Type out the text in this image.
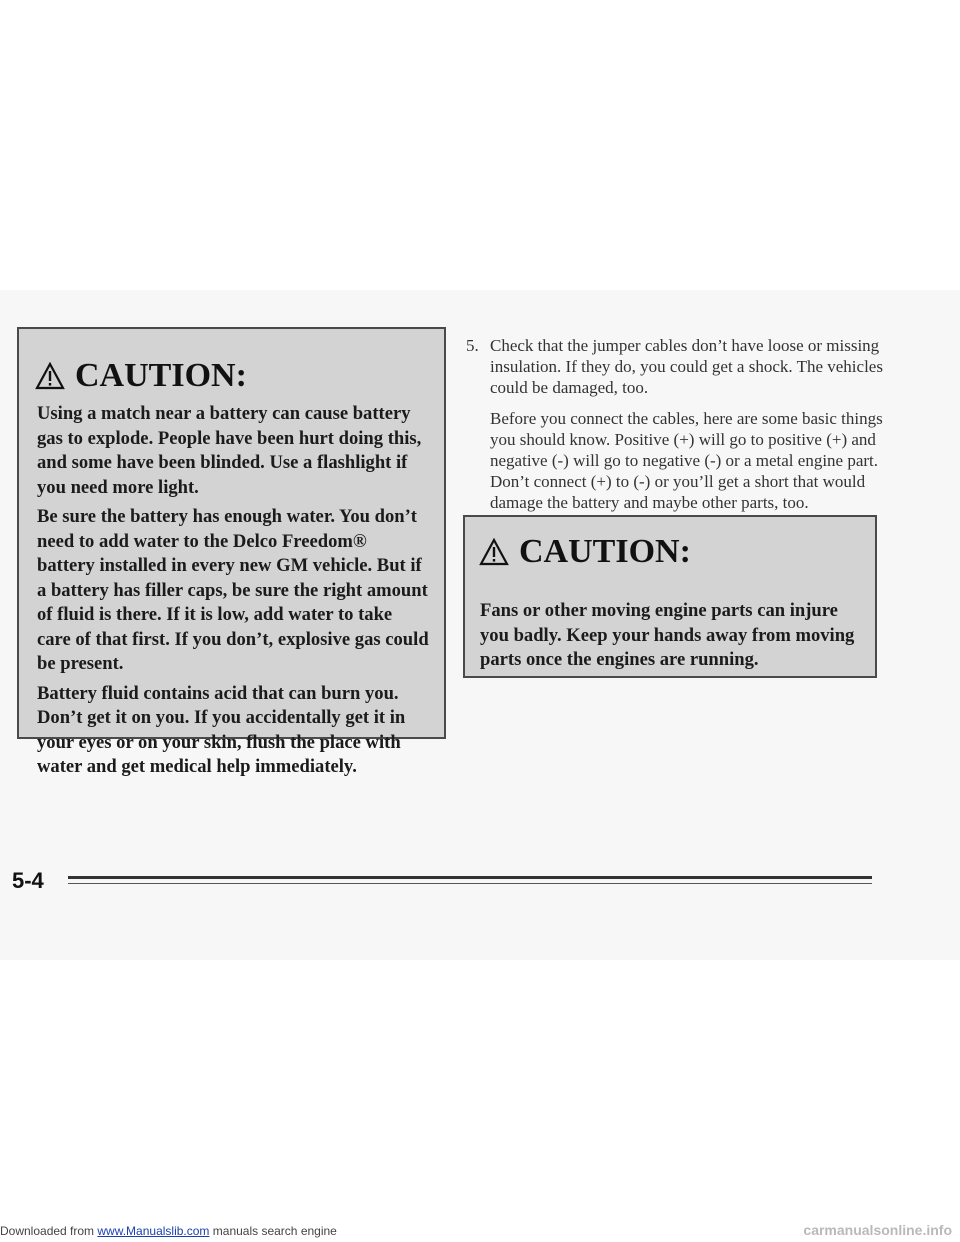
CAUTION:

Using a match near a battery can cause battery gas to explode. People have been hurt doing this, and some have been blinded. Use a flashlight if you need more light.

Be sure the battery has enough water. You don’t need to add water to the Delco Freedom® battery installed in every new GM vehicle. But if a battery has filler caps, be sure the right amount of fluid is there. If it is low, add water to take care of that first. If you don’t, explosive gas could be present.

Battery fluid contains acid that can burn you. Don’t get it on you. If you accidentally get it in your eyes or on your skin, flush the place with water and get medical help immediately.

5. Check that the jumper cables don’t have loose or missing insulation. If they do, you could get a shock. The vehicles could be damaged, too.

Before you connect the cables, here are some basic things you should know. Positive (+) will go to positive (+) and negative (-) will go to negative (-) or a metal engine part. Don’t connect (+) to (-) or you’ll get a short that would damage the battery and maybe other parts, too.

CAUTION:

Fans or other moving engine parts can injure you badly. Keep your hands away from moving parts once the engines are running.

5-4
Downloaded from www.Manualslib.com manuals search engine	carmanualsonline.info
